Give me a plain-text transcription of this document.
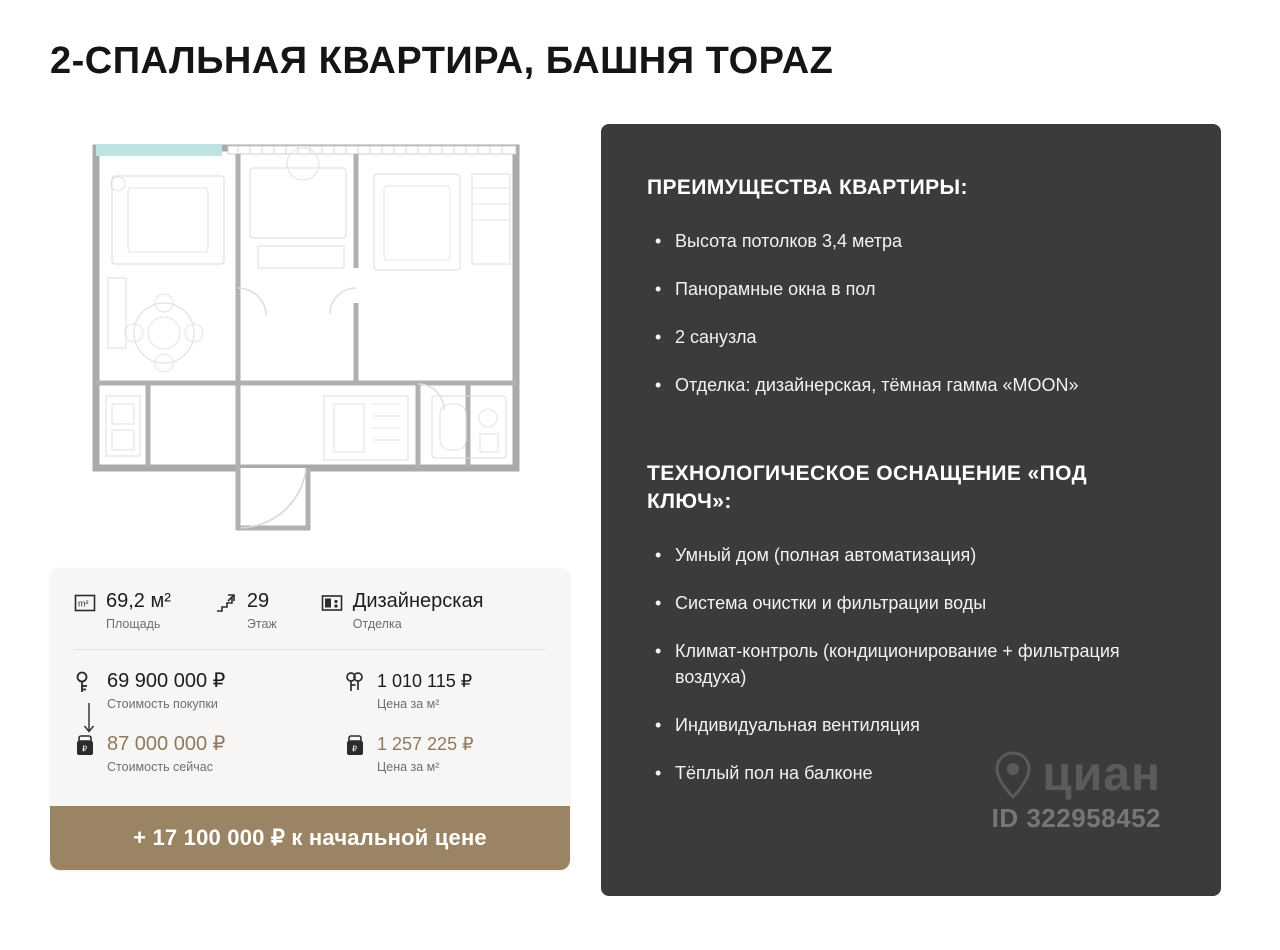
2-СПАЛЬНАЯ КВАРТИРА, БАШНЯ TOPAZ
m² 69,2 м²
Площадь
29
Этаж
Дизайнерская
Отделка
69 900 000 ₽
Стоимость покупки
1 010 115 ₽
Цена за м²
₽ 87 000 000 ₽
Стоимость сейчас
₽ 1 257 225 ₽
Цена за м²
+ 17 100 000 ₽ к начальной цене
ПРЕИМУЩЕСТВА КВАРТИРЫ:
• Высота потолков 3,4 метра
• Панорамные окна в пол
• 2 санузла
• Отделка: дизайнерская, тёмная гамма «MOON»
ТЕХНОЛОГИЧЕСКОЕ ОСНАЩЕНИЕ «ПОД КЛЮЧ»:
• Умный дом (полная автоматизация)
• Система очистки и фильтрации воды
• Климат-контроль (кондиционирование + фильтрация воздуха)
• Индивидуальная вентиляция
• Тёплый пол на балконе	циан
ID 322958452
